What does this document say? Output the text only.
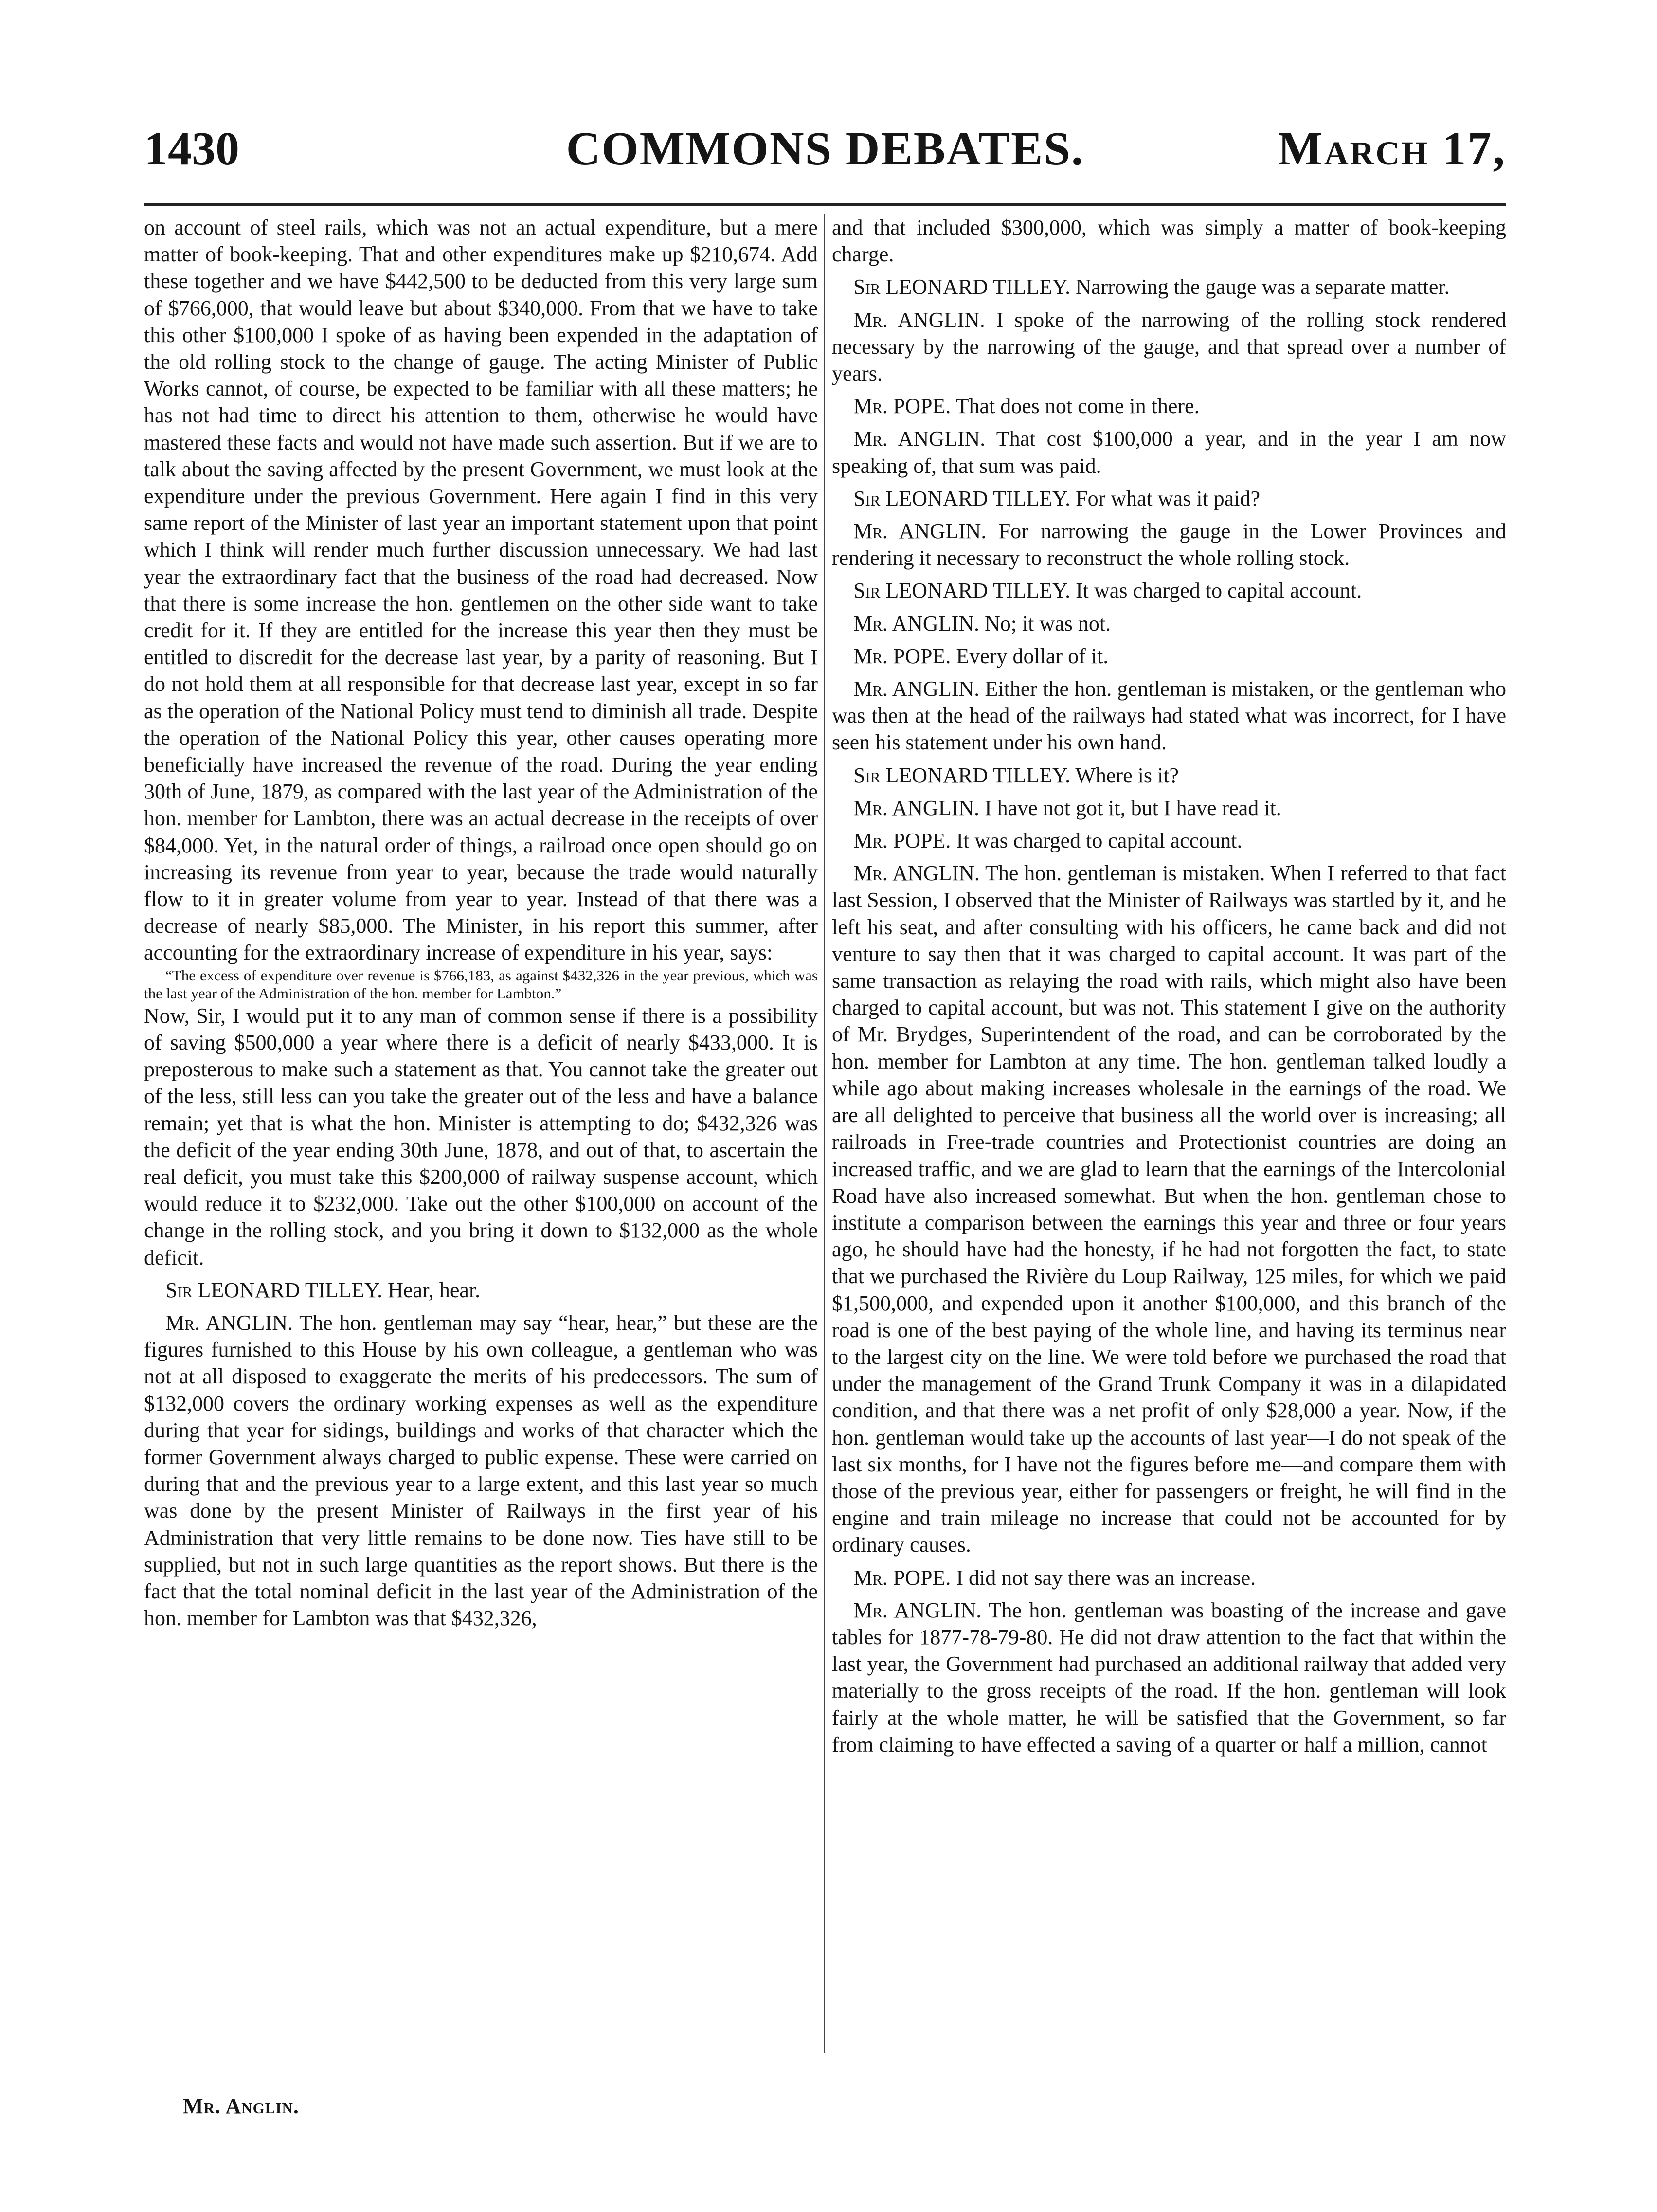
1430	COMMONS DEBATES.	March 17,

on account of steel rails, which was not an actual expenditure, but a mere matter of book-keeping. That and other expenditures make up $210,674. Add these together and we have $442,500 to be deducted from this very large sum of $766,000, that would leave but about $340,000. From that we have to take this other $100,000 I spoke of as having been expended in the adaptation of the old rolling stock to the change of gauge. The acting Minister of Public Works cannot, of course, be expected to be familiar with all these matters; he has not had time to direct his attention to them, otherwise he would have mastered these facts and would not have made such assertion. But if we are to talk about the saving affected by the present Government, we must look at the expenditure under the previous Government. Here again I find in this very same report of the Minister of last year an important statement upon that point which I think will render much further discussion unnecessary. We had last year the extraordinary fact that the business of the road had decreased. Now that there is some increase the hon. gentlemen on the other side want to take credit for it. If they are entitled for the increase this year then they must be entitled to discredit for the decrease last year, by a parity of reasoning. But I do not hold them at all responsible for that decrease last year, except in so far as the operation of the National Policy must tend to diminish all trade. Despite the operation of the National Policy this year, other causes operating more beneficially have increased the revenue of the road. During the year ending 30th of June, 1879, as compared with the last year of the Administration of the hon. member for Lambton, there was an actual decrease in the receipts of over $84,000. Yet, in the natural order of things, a railroad once open should go on increasing its revenue from year to year, because the trade would naturally flow to it in greater volume from year to year. Instead of that there was a decrease of nearly $85,000. The Minister, in his report this summer, after accounting for the extraordinary increase of expenditure in his year, says:

“The excess of expenditure over revenue is $766,183, as against $432,326 in the year previous, which was the last year of the Administration of the hon. member for Lambton.”

Now, Sir, I would put it to any man of common sense if there is a possibility of saving $500,000 a year where there is a deficit of nearly $433,000. It is preposterous to make such a statement as that. You cannot take the greater out of the less, still less can you take the greater out of the less and have a balance remain; yet that is what the hon. Minister is attempting to do; $432,326 was the deficit of the year ending 30th June, 1878, and out of that, to ascertain the real deficit, you must take this $200,000 of railway suspense account, which would reduce it to $232,000. Take out the other $100,000 on account of the change in the rolling stock, and you bring it down to $132,000 as the whole deficit.

Sir LEONARD TILLEY. Hear, hear.

Mr. ANGLIN. The hon. gentleman may say “hear, hear,” but these are the figures furnished to this House by his own colleague, a gentleman who was not at all disposed to exaggerate the merits of his predecessors. The sum of $132,000 covers the ordinary working expenses as well as the expenditure during that year for sidings, buildings and works of that character which the former Government always charged to public expense. These were carried on during that and the previous year to a large extent, and this last year so much was done by the present Minister of Railways in the first year of his Administration that very little remains to be done now. Ties have still to be supplied, but not in such large quantities as the report shows. But there is the fact that the total nominal deficit in the last year of the Administration of the hon. member for Lambton was that $432,326,

and that included $300,000, which was simply a matter of book-keeping charge.

Sir LEONARD TILLEY. Narrowing the gauge was a separate matter.

Mr. ANGLIN. I spoke of the narrowing of the rolling stock rendered necessary by the narrowing of the gauge, and that spread over a number of years.

Mr. POPE. That does not come in there.

Mr. ANGLIN. That cost $100,000 a year, and in the year I am now speaking of, that sum was paid.

Sir LEONARD TILLEY. For what was it paid?

Mr. ANGLIN. For narrowing the gauge in the Lower Provinces and rendering it necessary to reconstruct the whole rolling stock.

Sir LEONARD TILLEY. It was charged to capital account.

Mr. ANGLIN. No; it was not.

Mr. POPE. Every dollar of it.

Mr. ANGLIN. Either the hon. gentleman is mistaken, or the gentleman who was then at the head of the railways had stated what was incorrect, for I have seen his statement under his own hand.

Sir LEONARD TILLEY. Where is it?

Mr. ANGLIN. I have not got it, but I have read it.

Mr. POPE. It was charged to capital account.

Mr. ANGLIN. The hon. gentleman is mistaken. When I referred to that fact last Session, I observed that the Minister of Railways was startled by it, and he left his seat, and after consulting with his officers, he came back and did not venture to say then that it was charged to capital account. It was part of the same transaction as relaying the road with rails, which might also have been charged to capital account, but was not. This statement I give on the authority of Mr. Brydges, Superintendent of the road, and can be corroborated by the hon. member for Lambton at any time. The hon. gentleman talked loudly a while ago about making increases wholesale in the earnings of the road. We are all delighted to perceive that business all the world over is increasing; all railroads in Free-trade countries and Protectionist countries are doing an increased traffic, and we are glad to learn that the earnings of the Intercolonial Road have also increased somewhat. But when the hon. gentleman chose to institute a comparison between the earnings this year and three or four years ago, he should have had the honesty, if he had not forgotten the fact, to state that we purchased the Rivière du Loup Railway, 125 miles, for which we paid $1,500,000, and expended upon it another $100,000, and this branch of the road is one of the best paying of the whole line, and having its terminus near to the largest city on the line. We were told before we purchased the road that under the management of the Grand Trunk Company it was in a dilapidated condition, and that there was a net profit of only $28,000 a year. Now, if the hon. gentleman would take up the accounts of last year—I do not speak of the last six months, for I have not the figures before me—and compare them with those of the previous year, either for passengers or freight, he will find in the engine and train mileage no increase that could not be accounted for by ordinary causes.

Mr. POPE. I did not say there was an increase.

Mr. ANGLIN. The hon. gentleman was boasting of the increase and gave tables for 1877-78-79-80. He did not draw attention to the fact that within the last year, the Government had purchased an additional railway that added very materially to the gross receipts of the road. If the hon. gentleman will look fairly at the whole matter, he will be satisfied that the Government, so far from claiming to have effected a saving of a quarter or half a million, cannot

Mr. Anglin.
